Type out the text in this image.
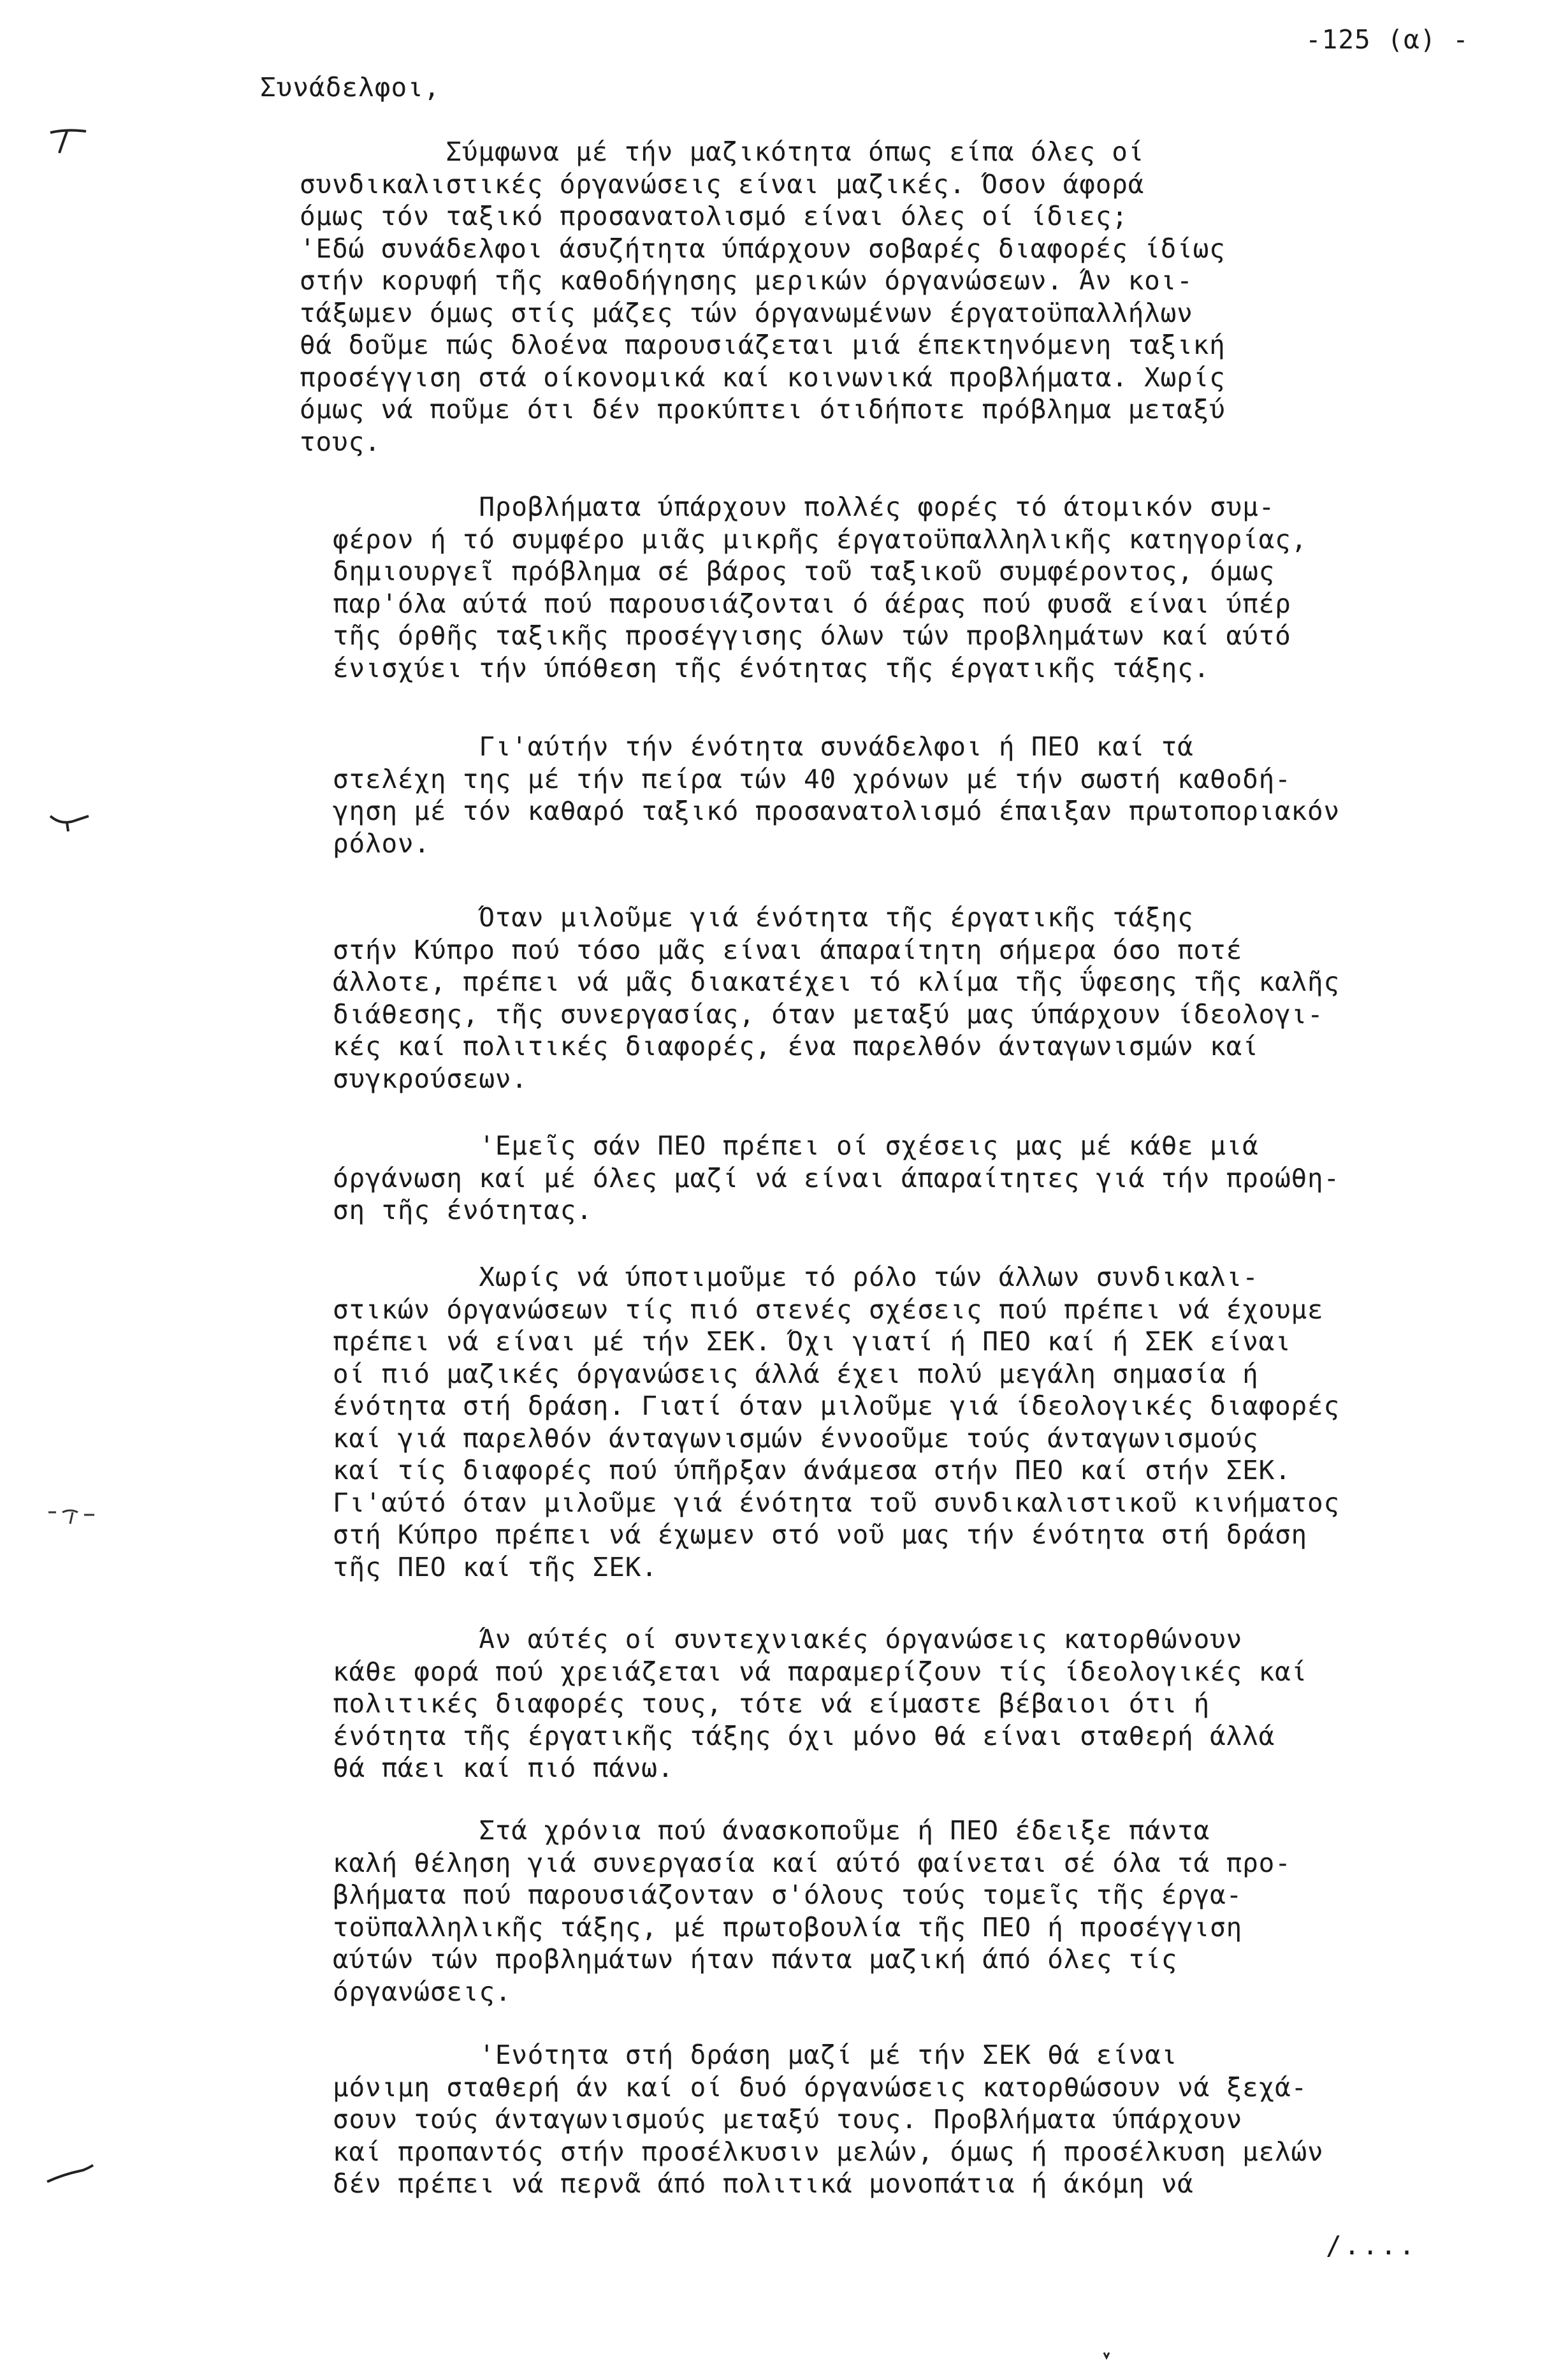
-125 (α) -
Συνάδελφοι,
Σύμφωνα μέ τήν μαζικότητα όπως είπα όλες οί
συνδικαλιστικές όργανώσεις είναι μαζικές. Όσον άφορά
όμως τόν ταξικό προσανατολισμό είναι όλες οί ίδιες;
'Εδώ συνάδελφοι άσυζήτητα ύπάρχουν σοβαρές διαφορές ίδίως
στήν κορυφή τῆς καθοδήγησης μερικών όργανώσεων. Άν κοι-
τάξωμεν όμως στίς μάζες τών όργανωμένων έργατοϋπαλλήλων
θά δοῦμε πώς δλοένα παρουσιάζεται μιά έπεκτηνόμενη ταξική
προσέγγιση στά οίκονομικά καί κοινωνικά προβλήματα. Χωρίς
όμως νά ποῦμε ότι δέν προκύπτει ότιδήποτε πρόβλημα μεταξύ
τους.
Προβλήματα ύπάρχουν πολλές φορές τό άτομικόν συμ-
φέρον ή τό συμφέρο μιᾶς μικρῆς έργατοϋπαλληλικῆς κατηγορίας,
δημιουργεῖ πρόβλημα σέ βάρος τοῦ ταξικοῦ συμφέροντος, όμως
παρ'όλα αύτά πού παρουσιάζονται ό άέρας πού φυσᾶ είναι ύπέρ
τῆς όρθῆς ταξικῆς προσέγγισης όλων τών προβλημάτων καί αύτό
ένισχύει τήν ύπόθεση τῆς ένότητας τῆς έργατικῆς τάξης.
Γι'αύτήν τήν ένότητα συνάδελφοι ή ΠΕΟ καί τά
στελέχη της μέ τήν πείρα τών 40 χρόνων μέ τήν σωστή καθοδή-
γηση μέ τόν καθαρό ταξικό προσανατολισμό έπαιξαν πρωτοποριακόν
ρόλον.
Όταν μιλοῦμε γιά ένότητα τῆς έργατικῆς τάξης
στήν Κύπρο πού τόσο μᾶς είναι άπαραίτητη σήμερα όσο ποτέ
άλλοτε, πρέπει νά μᾶς διακατέχει τό κλίμα τῆς ΰφεσης τῆς καλῆς
διάθεσης, τῆς συνεργασίας, όταν μεταξύ μας ύπάρχουν ίδεολογι-
κές καί πολιτικές διαφορές, ένα παρελθόν άνταγωνισμών καί
συγκρούσεων.
'Εμεῖς σάν ΠΕΟ πρέπει οί σχέσεις μας μέ κάθε μιά
όργάνωση καί μέ όλες μαζί νά είναι άπαραίτητες γιά τήν προώθη-
ση τῆς ένότητας.
Χωρίς νά ύποτιμοῦμε τό ρόλο τών άλλων συνδικαλι-
στικών όργανώσεων τίς πιό στενές σχέσεις πού πρέπει νά έχουμε
πρέπει νά είναι μέ τήν ΣΕΚ. Όχι γιατί ή ΠΕΟ καί ή ΣΕΚ είναι
οί πιό μαζικές όργανώσεις άλλά έχει πολύ μεγάλη σημασία ή
ένότητα στή δράση. Γιατί όταν μιλοῦμε γιά ίδεολογικές διαφορές
καί γιά παρελθόν άνταγωνισμών έννοοῦμε τούς άνταγωνισμούς
καί τίς διαφορές πού ύπῆρξαν άνάμεσα στήν ΠΕΟ καί στήν ΣΕΚ.
Γι'αύτό όταν μιλοῦμε γιά ένότητα τοῦ συνδικαλιστικοῦ κινήματος
στή Κύπρο πρέπει νά έχωμεν στό νοῦ μας τήν ένότητα στή δράση
τῆς ΠΕΟ καί τῆς ΣΕΚ.
Άν αύτές οί συντεχνιακές όργανώσεις κατορθώνουν
κάθε φορά πού χρειάζεται νά παραμερίζουν τίς ίδεολογικές καί
πολιτικές διαφορές τους, τότε νά είμαστε βέβαιοι ότι ή
ένότητα τῆς έργατικῆς τάξης όχι μόνο θά είναι σταθερή άλλά
θά πάει καί πιό πάνω.
Στά χρόνια πού άνασκοποῦμε ή ΠΕΟ έδειξε πάντα
καλή θέληση γιά συνεργασία καί αύτό φαίνεται σέ όλα τά προ-
βλήματα πού παρουσιάζονταν σ'όλους τούς τομεῖς τῆς έργα-
τοϋπαλληλικῆς τάξης, μέ πρωτοβουλία τῆς ΠΕΟ ή προσέγγιση
αύτών τών προβλημάτων ήταν πάντα μαζική άπό όλες τίς
όργανώσεις.
'Ενότητα στή δράση μαζί μέ τήν ΣΕΚ θά είναι
μόνιμη σταθερή άν καί οί δυό όργανώσεις κατορθώσουν νά ξεχά-
σουν τούς άνταγωνισμούς μεταξύ τους. Προβλήματα ύπάρχουν
καί προπαντός στήν προσέλκυσιν μελών, όμως ή προσέλκυση μελών
δέν πρέπει νά περνᾶ άπό πολιτικά μονοπάτια ή άκόμη νά
/....
